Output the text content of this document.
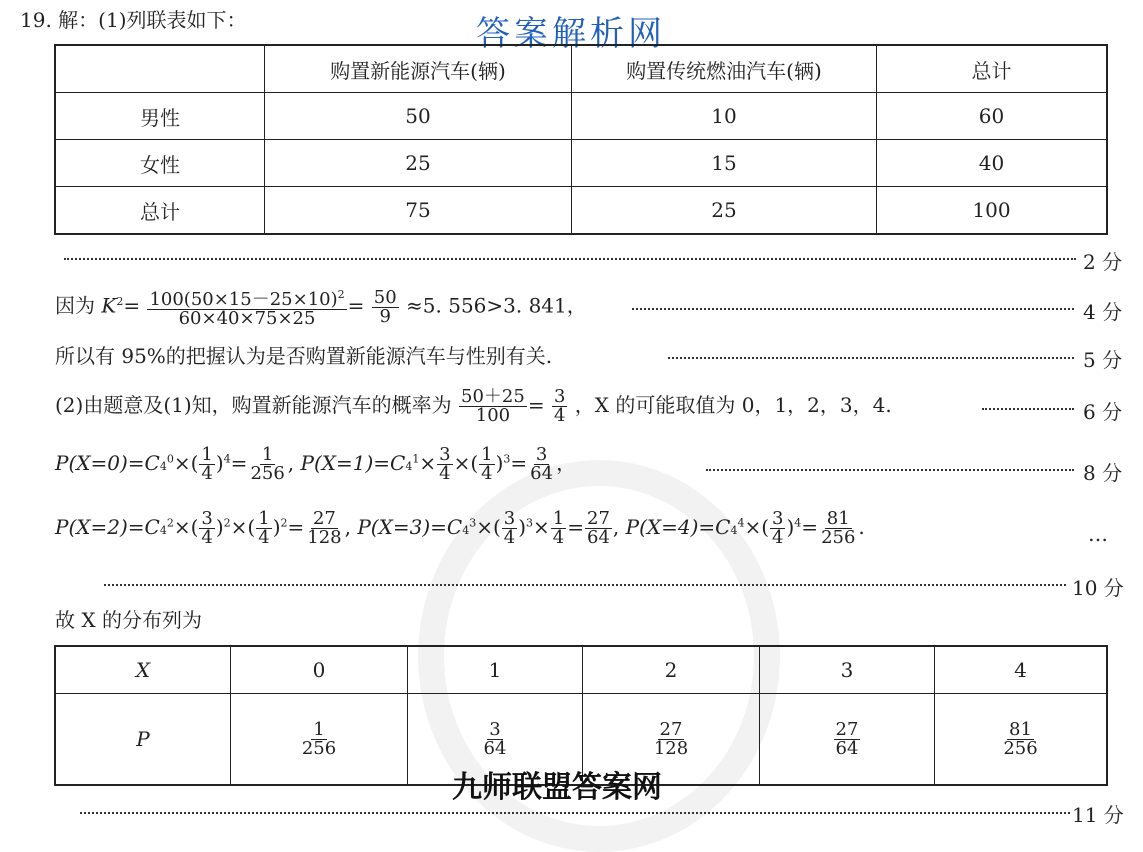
19. 解：(1)列联表如下：	答案解析网
	购置新能源汽车(辆)	购置传统燃油汽车(辆)	总计
男性	50	10	60
女性	25	15	40
总计	75	25	100
2 分
因为 $K^2= \frac{100(50\times 15-25\times 10)^2}{60\times 40\times 75\times 25} = \frac{50}{9} \approx 5$. 556>3. 841，	4 分
所以有 95%的把握认为是否购置新能源汽车与性别有关.	5 分
(2)由题意及(1)知，购置新能源汽车的概率为 $\frac{50+25}{100} = \frac{3}{4}$ ，X 的可能取值为 0，1，2，3，4.	6 分
$P(X=0)=C4^0\times( \frac{1}{4} )^4= \frac{1}{256}$ , $P(X=1)=C4^1\times \frac{3}{4}$ ×( $\frac{1}{4} )^3= \frac{3}{64}$ ，	8 分
$P(X=2)=C4^2\times( \frac{3}{4} )^2\times( \frac{1}{4} )^2= \frac{27}{128}$ , $P(X=3)=C4^3\times( \frac{3}{4} )^3\times \frac{1}{4} = \frac{27}{64}$ , $P(X=4)=C4^4\times( \frac{3}{4} )^4= \frac{81}{256}$ .	…
10 分
故 X 的分布列为
X	0	1	2	3	4
P	$\frac{1}{256}$	$\frac{3}{64}$	$\frac{27}{128}$	$\frac{27}{64}$	$\frac{81}{256}$
九师联盟答案网
11 分
